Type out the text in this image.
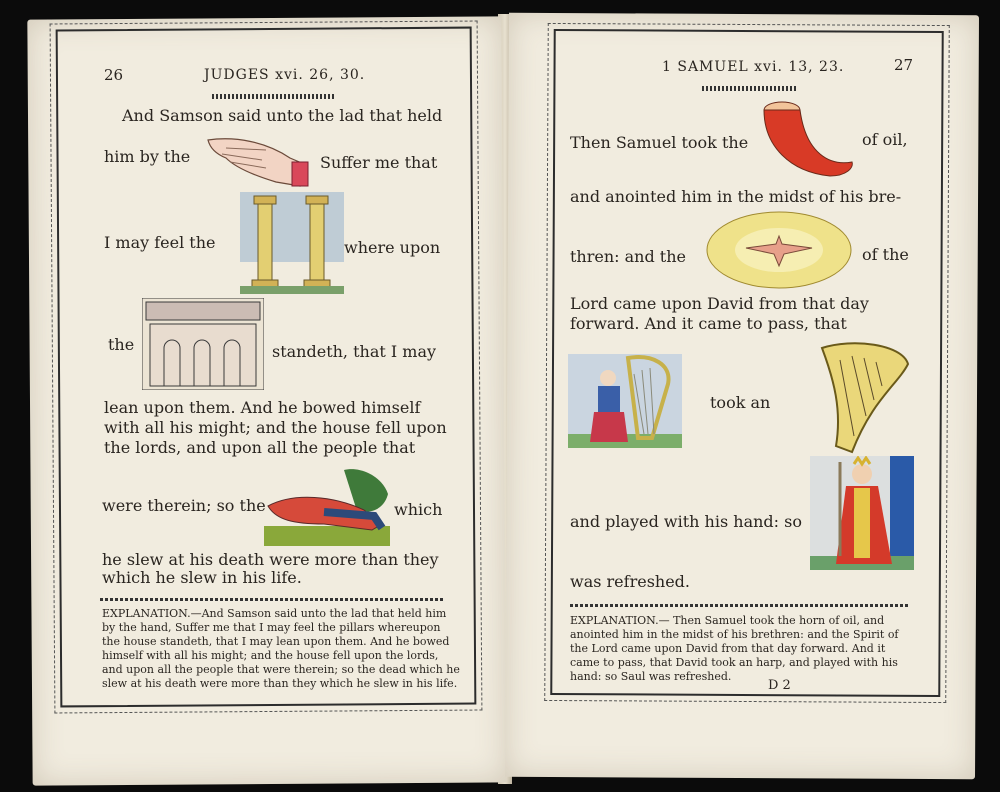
26	JUDGES xvi. 26, 30.
And Samson said unto the lad that held
him by the	Suffer me that
I may feel the	where upon
the	standeth, that I may
lean upon them. And he bowed himself
with all his might; and the house fell upon
the lords, and upon all the people that
were therein; so the	which
he slew at his death were more than they
which he slew in his life.
EXPLANATION.—And Samson said unto the lad that held him
by the hand, Suffer me that I may feel the pillars whereupon
the house standeth, that I may lean upon them. And he bowed
himself with all his might; and the house fell upon the lords,
and upon all the people that were therein; so the dead which he
slew at his death were more than they which he slew in his life.
1 SAMUEL xvi. 13, 23.	27
Then Samuel took the	of oil,
and anointed him in the midst of his bre-
thren: and the	of the
Lord came upon David from that day
forward. And it came to pass, that
took an
and played with his hand: so
was refreshed.
EXPLANATION.— Then Samuel took the horn of oil, and
anointed him in the midst of his brethren: and the Spirit of
the Lord came upon David from that day forward. And it
came to pass, that David took an harp, and played with his
hand: so Saul was refreshed.
D 2
